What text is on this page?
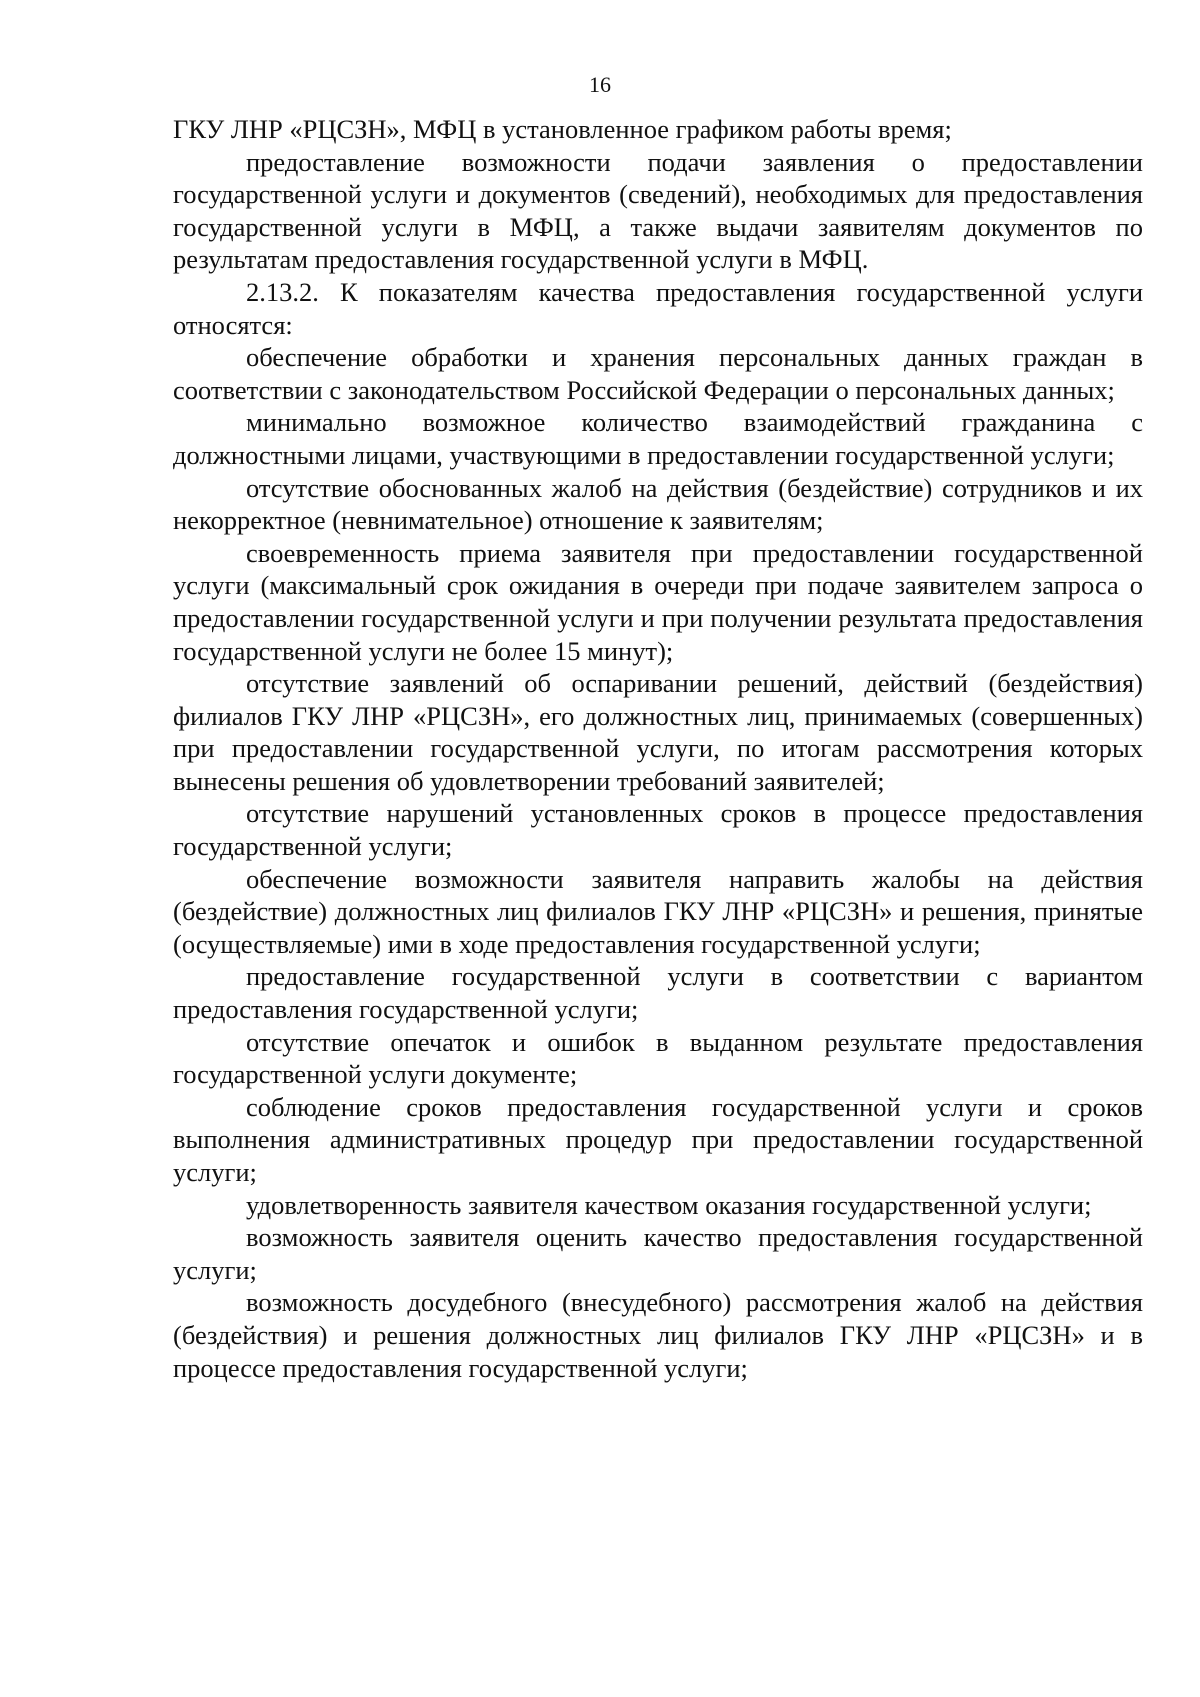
16

ГКУ ЛНР «РЦСЗН», МФЦ в установленное графиком работы время;

предоставление возможности подачи заявления о предоставлении государственной услуги и документов (сведений), необходимых для предоставления государственной услуги в МФЦ, а также выдачи заявителям документов по результатам предоставления государственной услуги в МФЦ.

2.13.2. К показателям качества предоставления государственной услуги относятся:

обеспечение обработки и хранения персональных данных граждан в соответствии с законодательством Российской Федерации о персональных данных;

минимально возможное количество взаимодействий гражданина с должностными лицами, участвующими в предоставлении государственной услуги;

отсутствие обоснованных жалоб на действия (бездействие) сотрудников и их некорректное (невнимательное) отношение к заявителям;

своевременность приема заявителя при предоставлении государственной услуги (максимальный срок ожидания в очереди при подаче заявителем запроса о предоставлении государственной услуги и при получении результата предоставления государственной услуги не более 15 минут);

отсутствие заявлений об оспаривании решений, действий (бездействия) филиалов ГКУ ЛНР «РЦСЗН», его должностных лиц, принимаемых (совершенных) при предоставлении государственной услуги, по итогам рассмотрения которых вынесены решения об удовлетворении требований заявителей;

отсутствие нарушений установленных сроков в процессе предоставления государственной услуги;

обеспечение возможности заявителя направить жалобы на действия (бездействие) должностных лиц филиалов ГКУ ЛНР «РЦСЗН» и решения, принятые (осуществляемые) ими в ходе предоставления государственной услуги;

предоставление государственной услуги в соответствии с вариантом предоставления государственной услуги;

отсутствие опечаток и ошибок в выданном результате предоставления государственной услуги документе;

соблюдение сроков предоставления государственной услуги и сроков выполнения административных процедур при предоставлении государственной услуги;

удовлетворенность заявителя качеством оказания государственной услуги;

возможность заявителя оценить качество предоставления государственной услуги;

возможность досудебного (внесудебного) рассмотрения жалоб на действия (бездействия) и решения должностных лиц филиалов ГКУ ЛНР «РЦСЗН» и в процессе предоставления государственной услуги;
